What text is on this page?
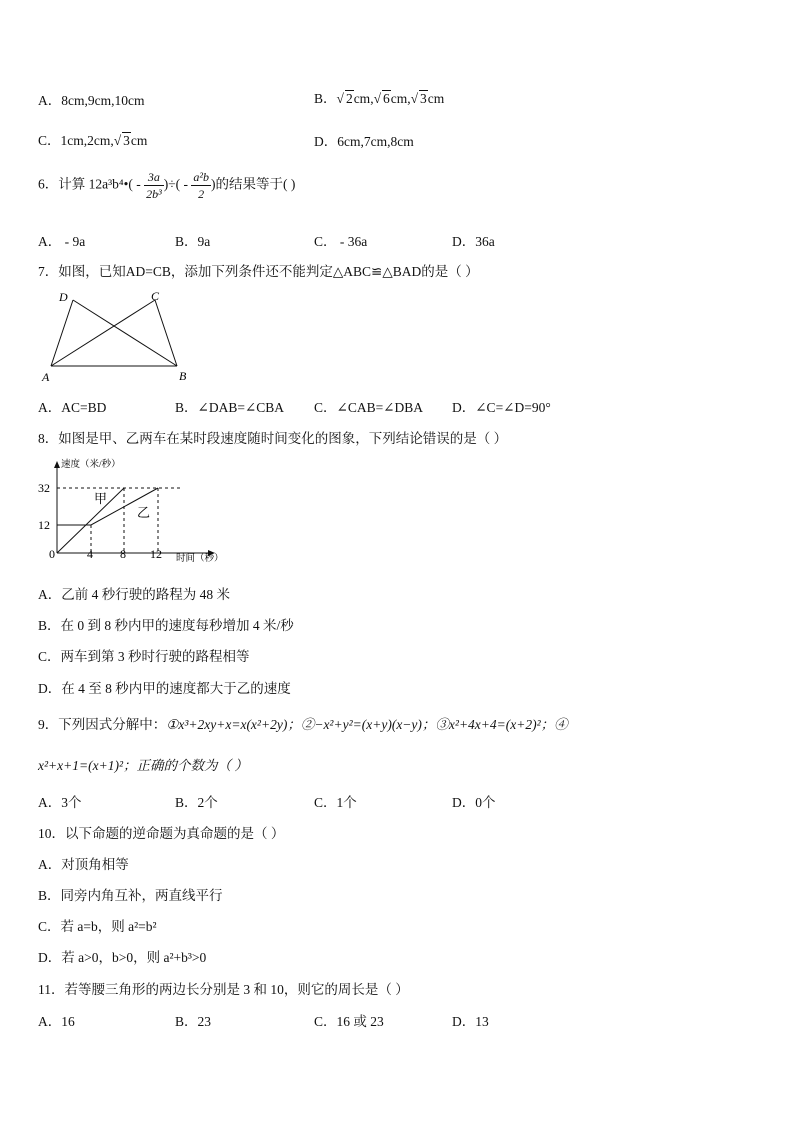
A．8cm,9cm,10cm	B．√ 2cm,√ 6cm,√ 3cm
C．1cm,2cm,√ 3cm	D．6cm,7cm,8cm
6．计算 12a³b⁴•( - $\frac{3a}{\text{2b³}}$ )÷( - $\frac{\text{a²b}}{2}$ )的结果等于( )
A． - 9a	B．9a	C． - 36a	D．36a
7．如图，已知AD=CB，添加下列条件还不能判定△ABC≌△BAD的是（ ）
D	C
A	B
A．AC=BD	B．∠DAB=∠CBA C．∠CAB=∠DBA D．∠C=∠D=90°
8．如图是甲、乙两车在某时段速度随时间变化的图象，下列结论错误的是（ ）
速度（米/秒）
时间（秒）
32
12
0	4 8 12
甲
乙
A．乙前 4 秒行驶的路程为 48 米
B．在 0 到 8 秒内甲的速度每秒增加 4 米/秒
C．两车到第 3 秒时行驶的路程相等
D．在 4 至 8 秒内甲的速度都大于乙的速度
9．下列因式分解中：①x³+2xy+x=x(x²+2y)；②−x²+y²=(x+y)(x−y)；③x²+4x+4=(x+2)²；④
x²+x+1=(x+1)²；正确的个数为（ ）
A．3个	B．2个	C．1个	D．0个
10．以下命题的逆命题为真命题的是（ ）
A．对顶角相等
B．同旁内角互补，两直线平行
C．若 a=b，则 a²=b²
D．若 a>0，b>0，则 a²+b³>0
11．若等腰三角形的两边长分别是 3 和 10，则它的周长是（ ）
A．16	B．23	C．16 或 23	D．13
